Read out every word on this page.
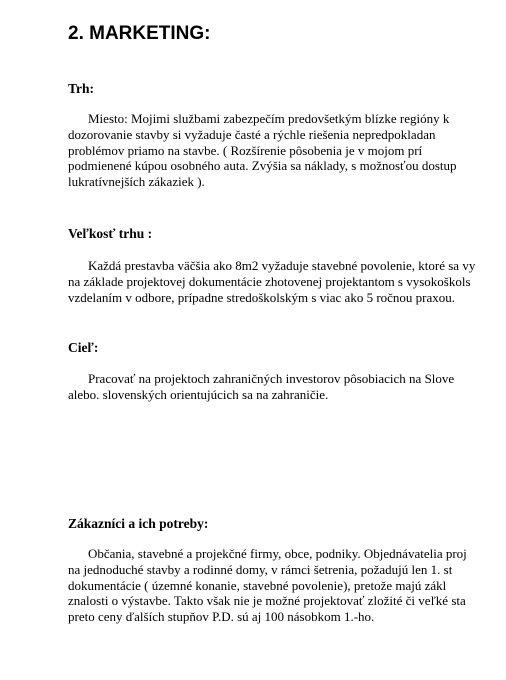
2. MARKETING:
Trh:
Miesto: Mojimi službami zabezpečím predovšetkým blízke regióny k
dozorovanie stavby si vyžaduje časté a rýchle riešenia nepredpokladan
problémov priamo na stavbe. ( Rozšírenie pôsobenia je v mojom prí
podmienené kúpou osobného auta. Zvýšia sa náklady, s možnosťou dostup
lukratívnejších zákaziek ).
Veľkosť trhu :
Každá prestavba väčšia ako 8m2 vyžaduje stavebné povolenie, ktoré sa vy
na základe projektovej dokumentácie zhotovenej projektantom s vysokoškols
vzdelaním v odbore, prípadne stredoškolským s viac ako 5 ročnou praxou.
Cieľ:
Pracovať na projektoch zahraničných investorov pôsobiacich na Slove
alebo. slovenských orientujúcich sa na zahraničie.
Zákazníci a ich potreby:
Občania, stavebné a projekčné firmy, obce, podniky. Objednávatelia proj
na jednoduché stavby a rodinné domy, v rámci šetrenia, požadujú len 1. st
dokumentácie ( územné konanie, stavebné povolenie), pretože majú zákl
znalosti o výstavbe. Takto však nie je možné projektovať zložité či veľké sta
preto ceny ďalších stupňov P.D. sú aj 100 násobkom 1.-ho.
